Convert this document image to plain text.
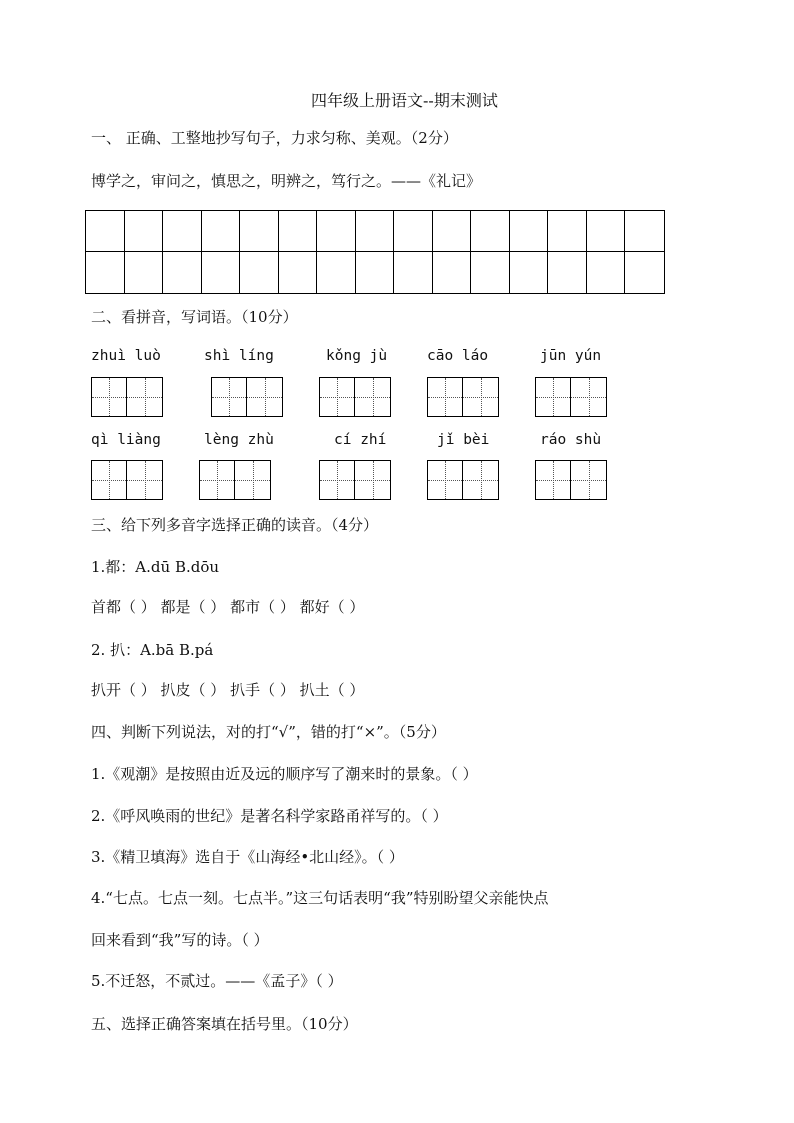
四年级上册语文--期末测试
一、 正确、工整地抄写句子，力求匀称、美观。（2分）
博学之，审问之，慎思之，明辨之，笃行之。——《礼记》
二、看拼音，写词语。（10分）
zhuì luò	shì líng	kǒng jù	cāo láo	jūn yún
qì liàng	lèng zhù	cí zhí	jǐ bèi	ráo shù
三、给下列多音字选择正确的读音。（4分）
1.都：A.dū B.dōu
首都（ ） 都是（ ） 都市（ ） 都好（ ）
2. 扒：A.bā B.pá
扒开（ ） 扒皮（ ） 扒手（ ） 扒土（ ）
四、判断下列说法，对的打“√”，错的打“×”。（5分）
1.《观潮》是按照由近及远的顺序写了潮来时的景象。（ ）
2.《呼风唤雨的世纪》是著名科学家路甬祥写的。（ ）
3.《精卫填海》选自于《山海经•北山经》。（ ）
4.“七点。七点一刻。七点半。”这三句话表明“我”特别盼望父亲能快点
回来看到“我”写的诗。（ ）
5.不迁怒，不贰过。——《孟子》（ ）
五、选择正确答案填在括号里。（10分）
